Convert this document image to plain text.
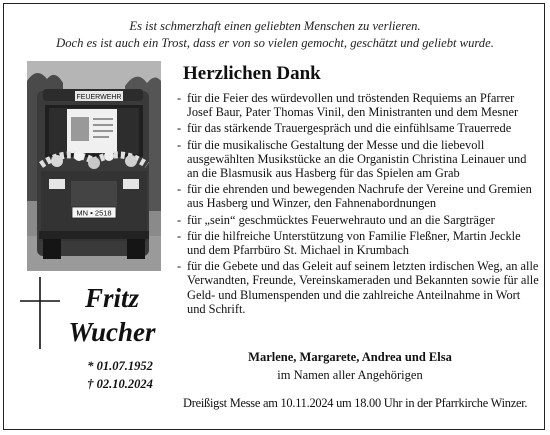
Es ist schmerzhaft einen geliebten Menschen zu verlieren.
Doch es ist auch ein Trost, dass er von so vielen gemocht, geschätzt und geliebt wurde.
FEUERWEHR
MN ▪ 2518
Fritz
Wucher
* 01.07.1952
† 02.10.2024
Herzlichen Dank
- für die Feier des würdevollen und tröstenden Requiems an Pfarrer Josef Baur, Pater Thomas Vinil, den Ministranten und dem Mesner
- für das stärkende Trauergespräch und die einfühlsame Trauerrede
- für die musikalische Gestaltung der Messe und die liebevoll ausgewählten Musikstücke an die Organistin Christina Leinauer und an die Blasmusik aus Hasberg für das Spielen am Grab
- für die ehrenden und bewegenden Nachrufe der Vereine und Gremien aus Hasberg und Winzer, den Fahnenabordnungen
- für „sein“ geschmücktes Feuerwehrauto und an die Sargträger
- für die hilfreiche Unterstützung von Familie Fleßner, Martin Jeckle und dem Pfarrbüro St. Michael in Krumbach
- für die Gebete und das Geleit auf seinem letzten irdischen Weg, an alle Verwandten, Freunde, Vereinskameraden und Bekannten sowie für alle Geld- und Blumenspenden und die zahlreiche Anteilnahme in Wort und Schrift.
Marlene, Margarete, Andrea und Elsa
im Namen aller Angehörigen
Dreißigst Messe am 10.11.2024 um 18.00 Uhr in der Pfarrkirche Winzer.
